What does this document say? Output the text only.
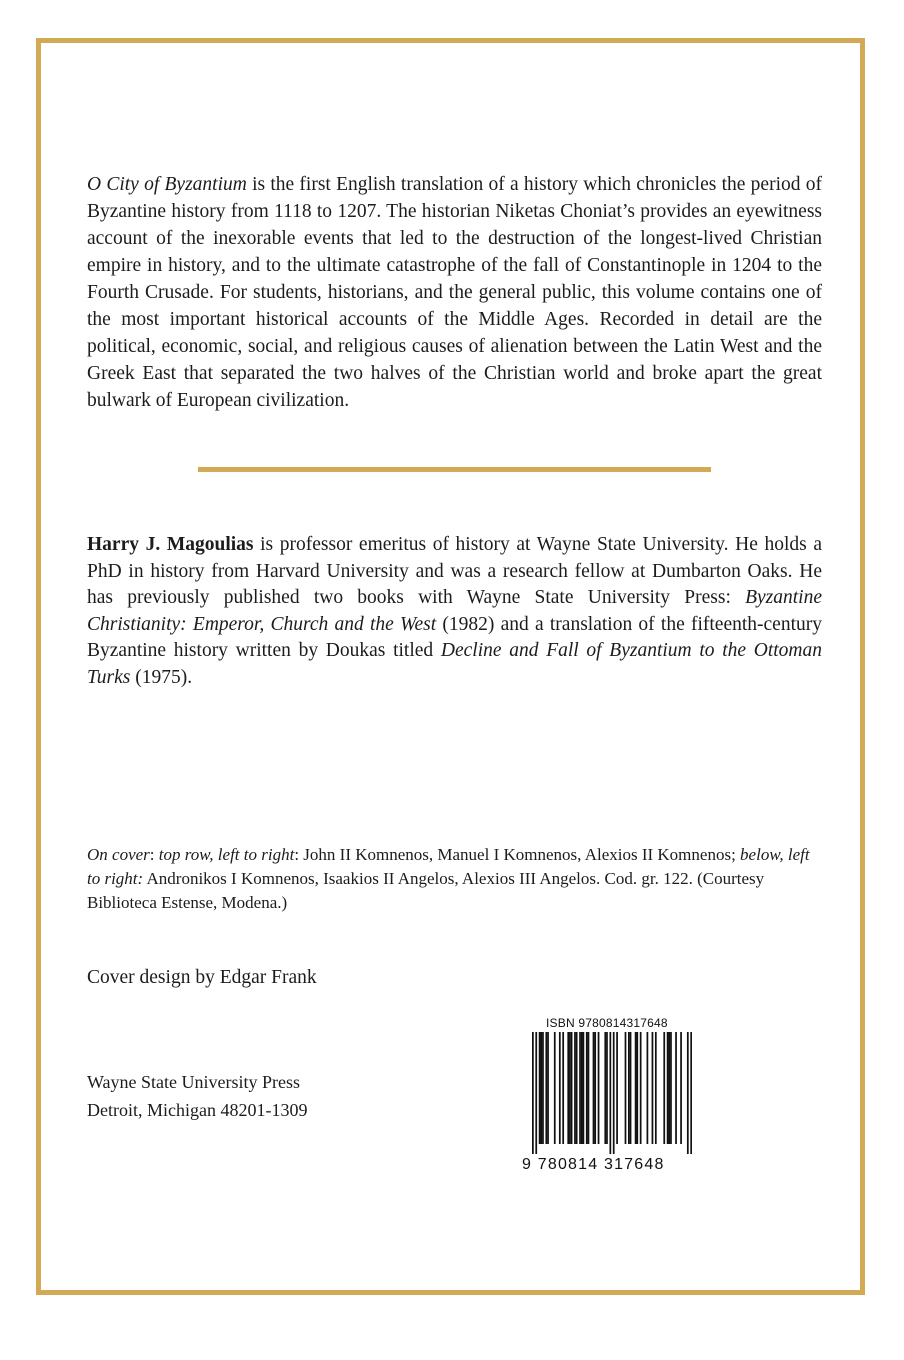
O City of Byzantium is the first English translation of a history which chronicles the period of Byzantine history from 1118 to 1207. The historian Niketas Choniat’s provides an eyewitness account of the inexorable events that led to the destruction of the longest-lived Christian empire in history, and to the ultimate catastrophe of the fall of Constantinople in 1204 to the Fourth Crusade. For students, historians, and the general public, this volume contains one of the most important historical accounts of the Middle Ages. Recorded in detail are the political, economic, social, and religious causes of alienation between the Latin West and the Greek East that separated the two halves of the Christian world and broke apart the great bulwark of European civilization.

Harry J. Magoulias is professor emeritus of history at Wayne State University. He holds a PhD in history from Harvard University and was a research fellow at Dumbarton Oaks. He has previously published two books with Wayne State University Press: Byzantine Christianity: Emperor, Church and the West (1982) and a translation of the fifteenth-century Byzantine history written by Doukas titled Decline and Fall of Byzantium to the Ottoman Turks (1975).

On cover: top row, left to right: John II Komnenos, Manuel I Komnenos, Alexios II Komnenos; below, left to right: Andronikos I Komnenos, Isaakios II Angelos, Alexios III Angelos. Cod. gr. 122. (Courtesy Biblioteca Estense, Modena.)

Cover design by Edgar Frank

Wayne State University Press

Detroit, Michigan 48201-1309

ISBN 9780814317648
9 780814 317648
